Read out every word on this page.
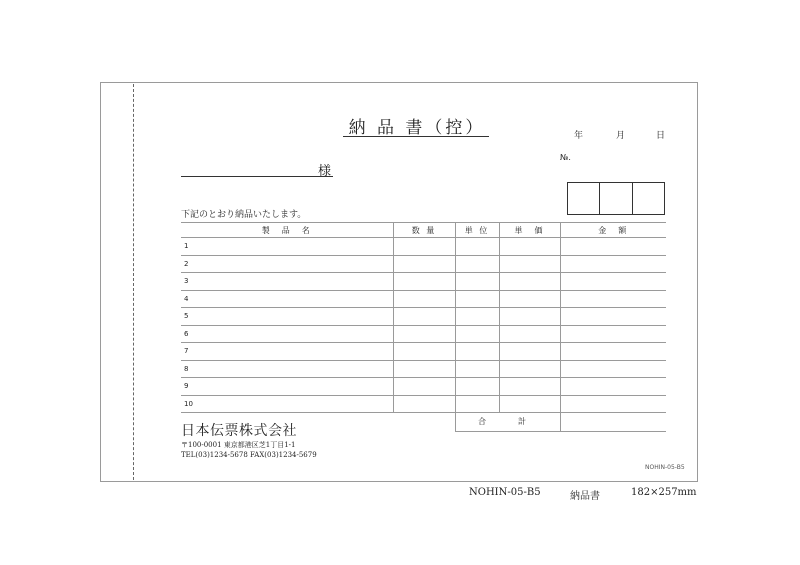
納 品 書（控）	年	月	日
№.
様
下記のとおり納品いたします。
製　品　名	数 量	単 位	単　価	金　額
1				
2				
3				
4				
5				
6				
7				
8				
9				
10				
合　計
日本伝票株式会社
〒100-0001 東京都港区芝1丁目1-1
TEL(03)1234-5678 FAX(03)1234-5679
NOHIN-05-B5
NOHIN-05-B5	納品書	182×257mm
